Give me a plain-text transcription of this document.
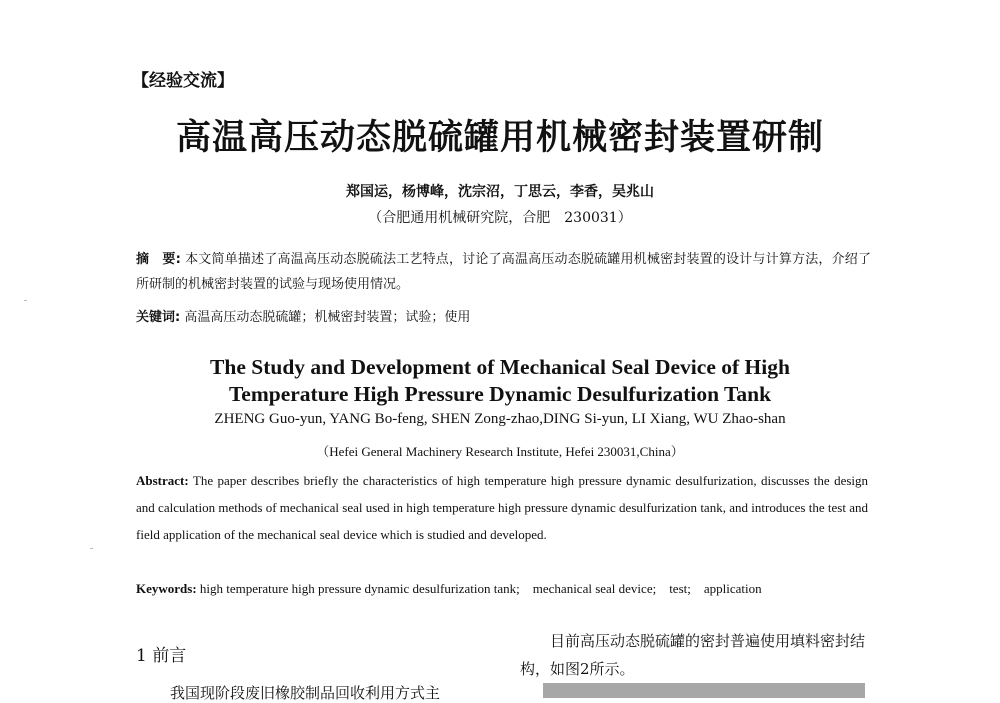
【经验交流】
高温高压动态脱硫罐用机械密封装置研制
郑国运，杨博峰，沈宗沼，丁思云，李香，吴兆山
（合肥通用机械研究院，合肥　230031）
摘　要: 本文简单描述了高温高压动态脱硫法工艺特点，讨论了高温高压动态脱硫罐用机械密封装置的设计与计算方法，介绍了所研制的机械密封装置的试验与现场使用情况。
关键词: 高温高压动态脱硫罐；机械密封装置；试验；使用
The Study and Development of Mechanical Seal Device of High
Temperature High Pressure Dynamic Desulfurization Tank
ZHENG Guo-yun, YANG Bo-feng, SHEN Zong-zhao,DING Si-yun, LI Xiang, WU Zhao-shan
（Hefei General Machinery Research Institute, Hefei 230031,China）
Abstract: The paper describes briefly the characteristics of high temperature high pressure dynamic desulfurization, discusses the design and calculation methods of mechanical seal used in high temperature high pressure dynamic desulfurization tank, and introduces the test and field application of the mechanical seal device which is studied and developed.
Keywords: high temperature high pressure dynamic desulfurization tank;　mechanical seal device;　test;　application
1 前言
我国现阶段废旧橡胶制品回收利用方式主
目前高压动态脱硫罐的密封普遍使用填料密封结构，如图2所示。
